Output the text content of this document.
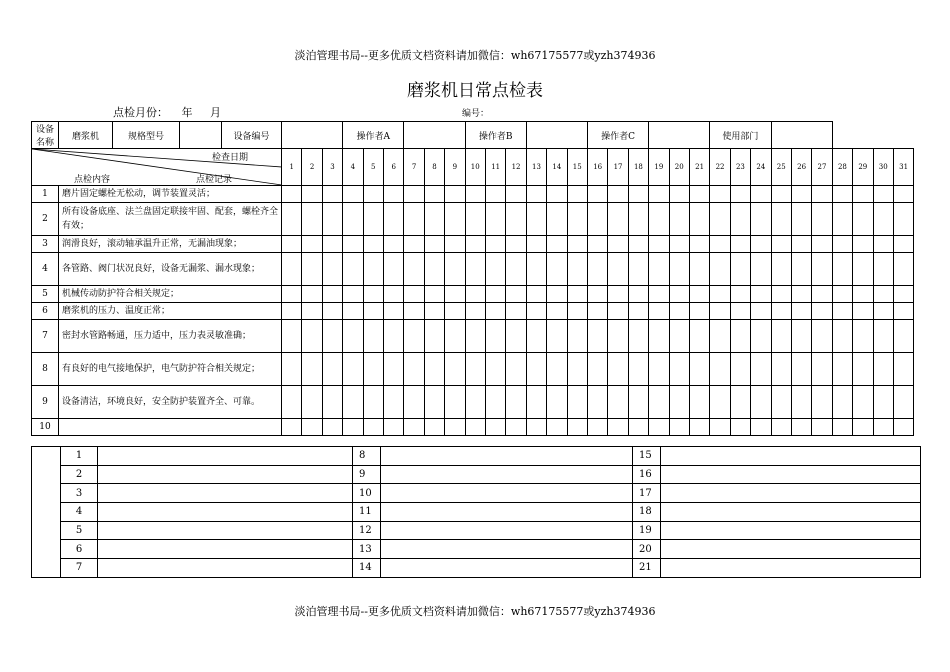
淡泊管理书局--更多优质文档资料请加微信：wh67175577或yzh374936
磨浆机日常点检表
点检月份： 年 月	编号：
设备名称	磨浆机	规格型号		设备编号				操作者A						操作者B						操作者C						使用部门									

检查日期
点检内容 点检记录					1	2	3	4	5	6	7	8	9	10	11	12	13	14	15	16	17	18	19	20	21	22	23	24	25	26	27	28	29	30	31
1	磨片固定螺栓无松动，调节装置灵活；																																		
2	所有设备底座、法兰盘固定联接牢固、配套，螺栓齐全有效；																																		
3	润滑良好，滚动轴承温升正常，无漏油现象；																																		
4	各管路、阀门状况良好，设备无漏浆、漏水现象；																																		
5	机械传动防护符合相关规定；																																		
6	磨浆机的压力、温度正常；																																		
7	密封水管路畅通，压力适中，压力表灵敏准确；																																		
8	有良好的电气接地保护，电气防护符合相关规定；																																		
9	设备清洁，环境良好，安全防护装置齐全、可靠。																																		
10																																			
	1		8		15	
	2		9		16	
	3		10		17	
	4		11		18	
	5		12		19	
	6		13		20	
	7		14		21	
淡泊管理书局--更多优质文档资料请加微信：wh67175577或yzh374936
